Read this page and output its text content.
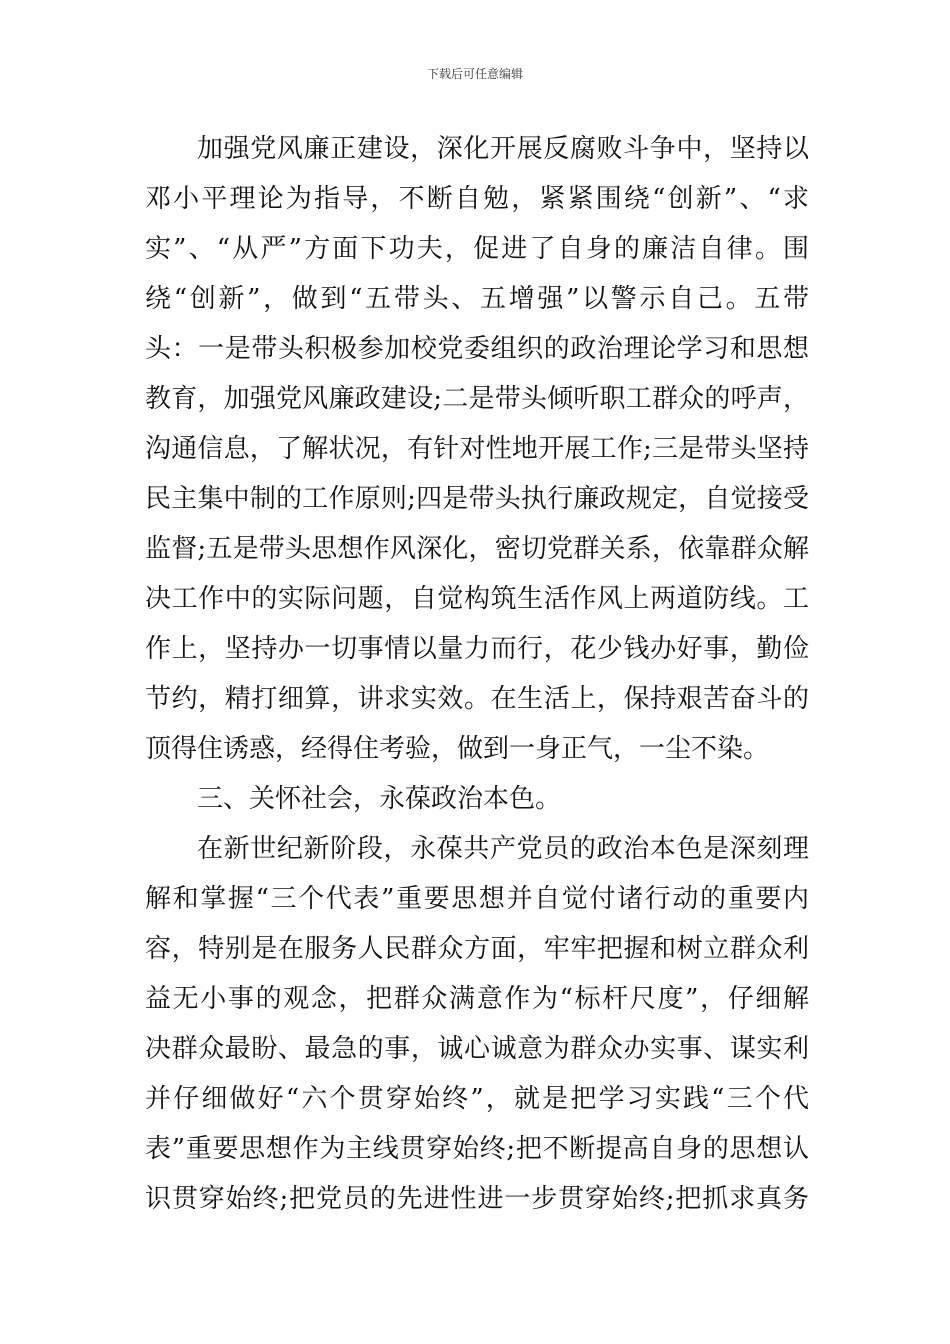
下载后可任意编辑
加强党风廉正建设，深化开展反腐败斗争中，坚持以
邓小平理论为指导，不断自勉，紧紧围绕“创新”、“求
实”、“从严”方面下功夫，促进了自身的廉洁自律。围
绕“创新”，做到“五带头、五增强”以警示自己。五带
头：一是带头积极参加校党委组织的政治理论学习和思想
教育，加强党风廉政建设;二是带头倾听职工群众的呼声，
沟通信息，了解状况，有针对性地开展工作;三是带头坚持
民主集中制的工作原则;四是带头执行廉政规定，自觉接受
监督;五是带头思想作风深化，密切党群关系，依靠群众解
决工作中的实际问题，自觉构筑生活作风上两道防线。工
作上，坚持办一切事情以量力而行，花少钱办好事，勤俭
节约，精打细算，讲求实效。在生活上，保持艰苦奋斗的
顶得住诱惑，经得住考验，做到一身正气，一尘不染。
三、关怀社会，永葆政治本色。
在新世纪新阶段，永葆共产党员的政治本色是深刻理
解和掌握“三个代表”重要思想并自觉付诸行动的重要内
容，特别是在服务人民群众方面，牢牢把握和树立群众利
益无小事的观念，把群众满意作为“标杆尺度”，仔细解
决群众最盼、最急的事，诚心诚意为群众办实事、谋实利
并仔细做好“六个贯穿始终”，就是把学习实践“三个代
表”重要思想作为主线贯穿始终;把不断提高自身的思想认
识贯穿始终;把党员的先进性进一步贯穿始终;把抓求真务
